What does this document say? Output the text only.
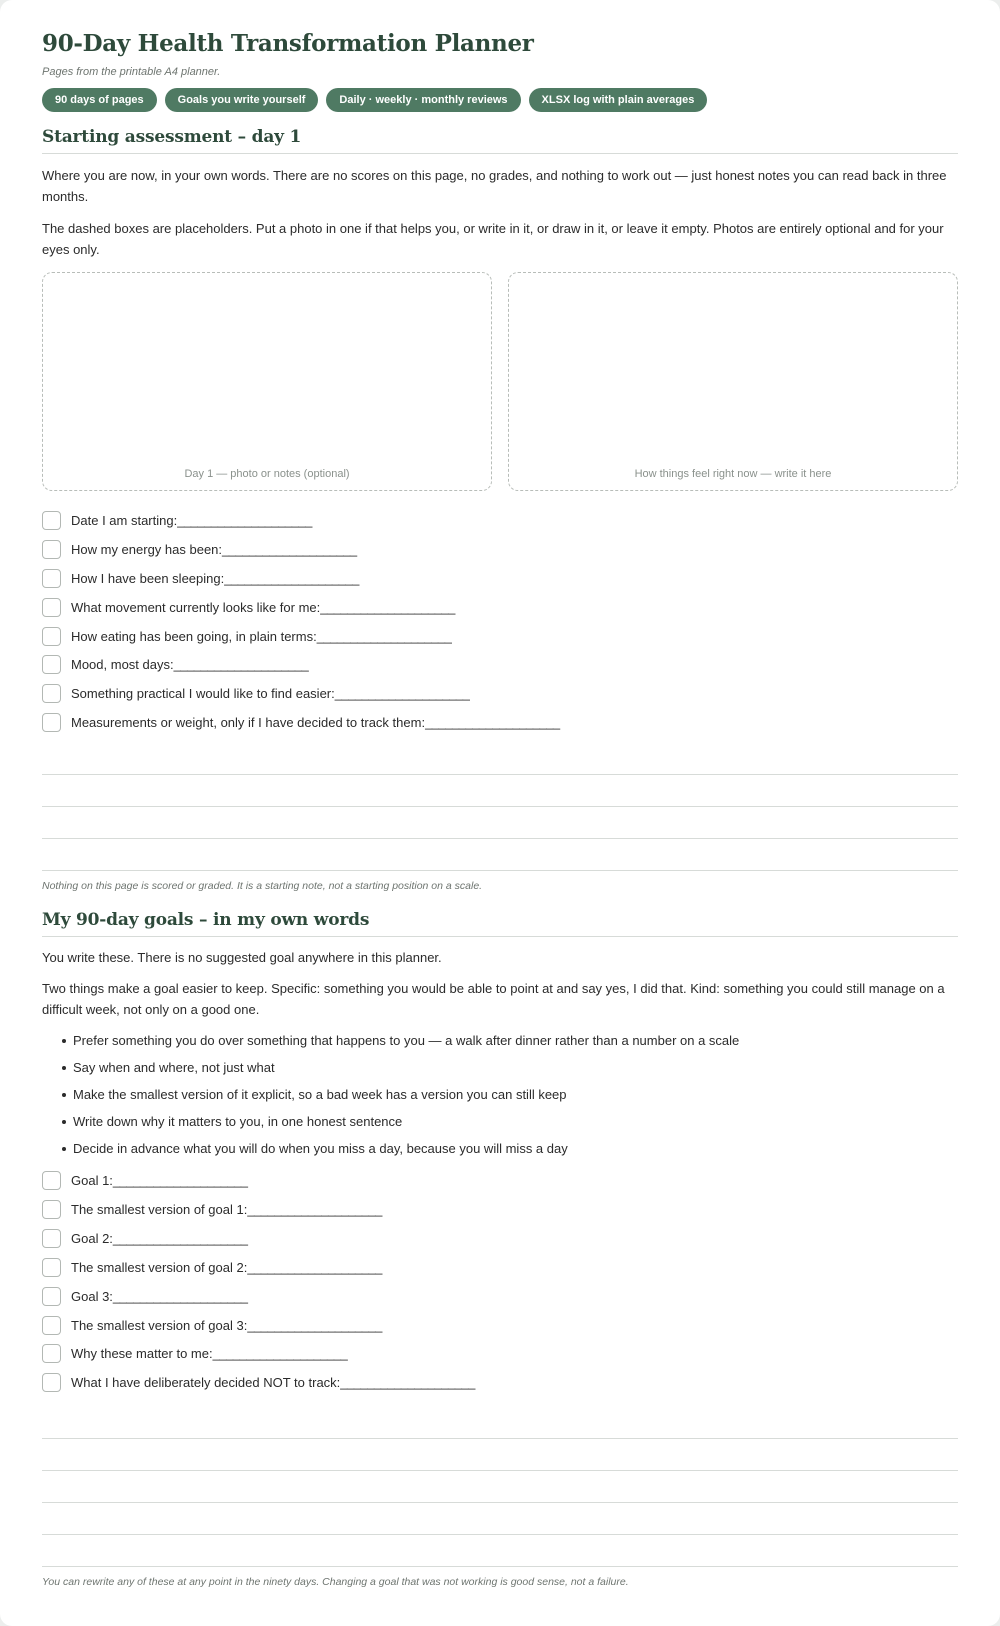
90-Day Health Transformation Planner
Pages from the printable A4 planner.
90 days of pages	Goals you write yourself	Daily · weekly · monthly reviews	XLSX log with plain averages
Starting assessment – day 1

Where you are now, in your own words. There are no scores on this page, no grades, and nothing to work out — just honest notes you can read back in three months.

The dashed boxes are placeholders. Put a photo in one if that helps you, or write in it, or draw in it, or leave it empty. Photos are entirely optional and for your eyes only.

Day 1 — photo or notes (optional)	How things feel right now — write it here
Date I am starting: ____________________
How my energy has been: ____________________
How I have been sleeping: ____________________
What movement currently looks like for me: ____________________
How eating has been going, in plain terms: ____________________
Mood, most days: ____________________
Something practical I would like to find easier: ____________________
Measurements or weight, only if I have decided to track them: ____________________

Nothing on this page is scored or graded. It is a starting note, not a starting position on a scale.

My 90-day goals – in my own words

You write these. There is no suggested goal anywhere in this planner.

Two things make a goal easier to keep. Specific: something you would be able to point at and say yes, I did that. Kind: something you could still manage on a difficult week, not only on a good one.

Prefer something you do over something that happens to you — a walk after dinner rather than a number on a scale
Say when and where, not just what
Make the smallest version of it explicit, so a bad week has a version you can still keep
Write down why it matters to you, in one honest sentence
Decide in advance what you will do when you miss a day, because you will miss a day
Goal 1: ____________________
The smallest version of goal 1: ____________________
Goal 2: ____________________
The smallest version of goal 2: ____________________
Goal 3: ____________________
The smallest version of goal 3: ____________________
Why these matter to me: ____________________
What I have deliberately decided NOT to track: ____________________

You can rewrite any of these at any point in the ninety days. Changing a goal that was not working is good sense, not a failure.
